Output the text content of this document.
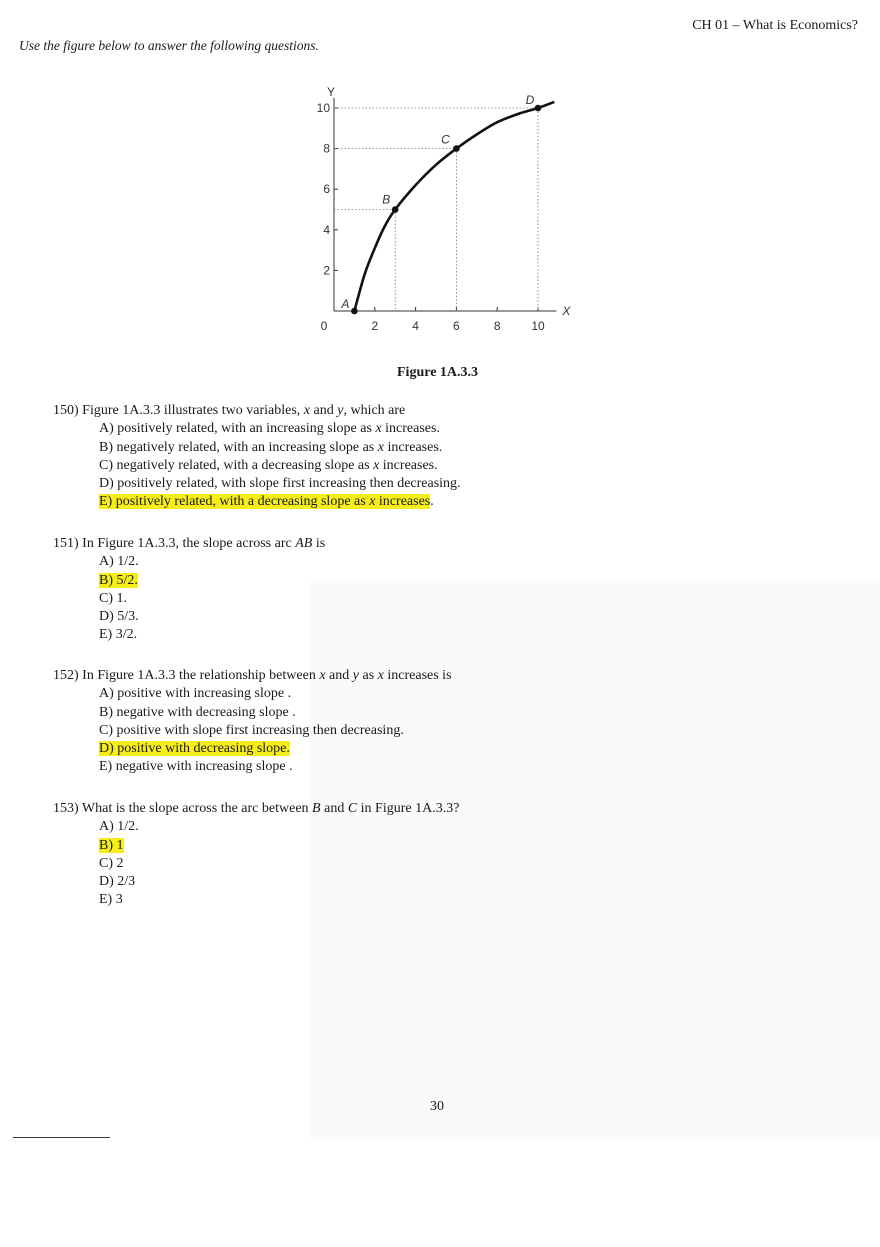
CH 01 – What is Economics?
Use the figure below to answer the following questions.
10
8
6
4
2
0	2	4	6	8	10
Y
X
A
B
C
D
Figure 1A.3.3
150) Figure 1A.3.3 illustrates two variables, x and y, which are
A) positively related, with an increasing slope as x increases.
B) negatively related, with an increasing slope as x increases.
C) negatively related, with a decreasing slope as x increases.
D) positively related, with slope first increasing then decreasing.
E) positively related, with a decreasing slope as x increases.
151) In Figure 1A.3.3, the slope across arc AB is
A) 1/2.
B) 5/2.
C) 1.
D) 5/3.
E) 3/2.
152) In Figure 1A.3.3 the relationship between x and y as x increases is
A) positive with increasing slope .
B) negative with decreasing slope .
C) positive with slope first increasing then decreasing.
D) positive with decreasing slope.
E) negative with increasing slope .
153) What is the slope across the arc between B and C in Figure 1A.3.3?
A) 1/2.
B) 1
C) 2
D) 2/3
E) 3
30
